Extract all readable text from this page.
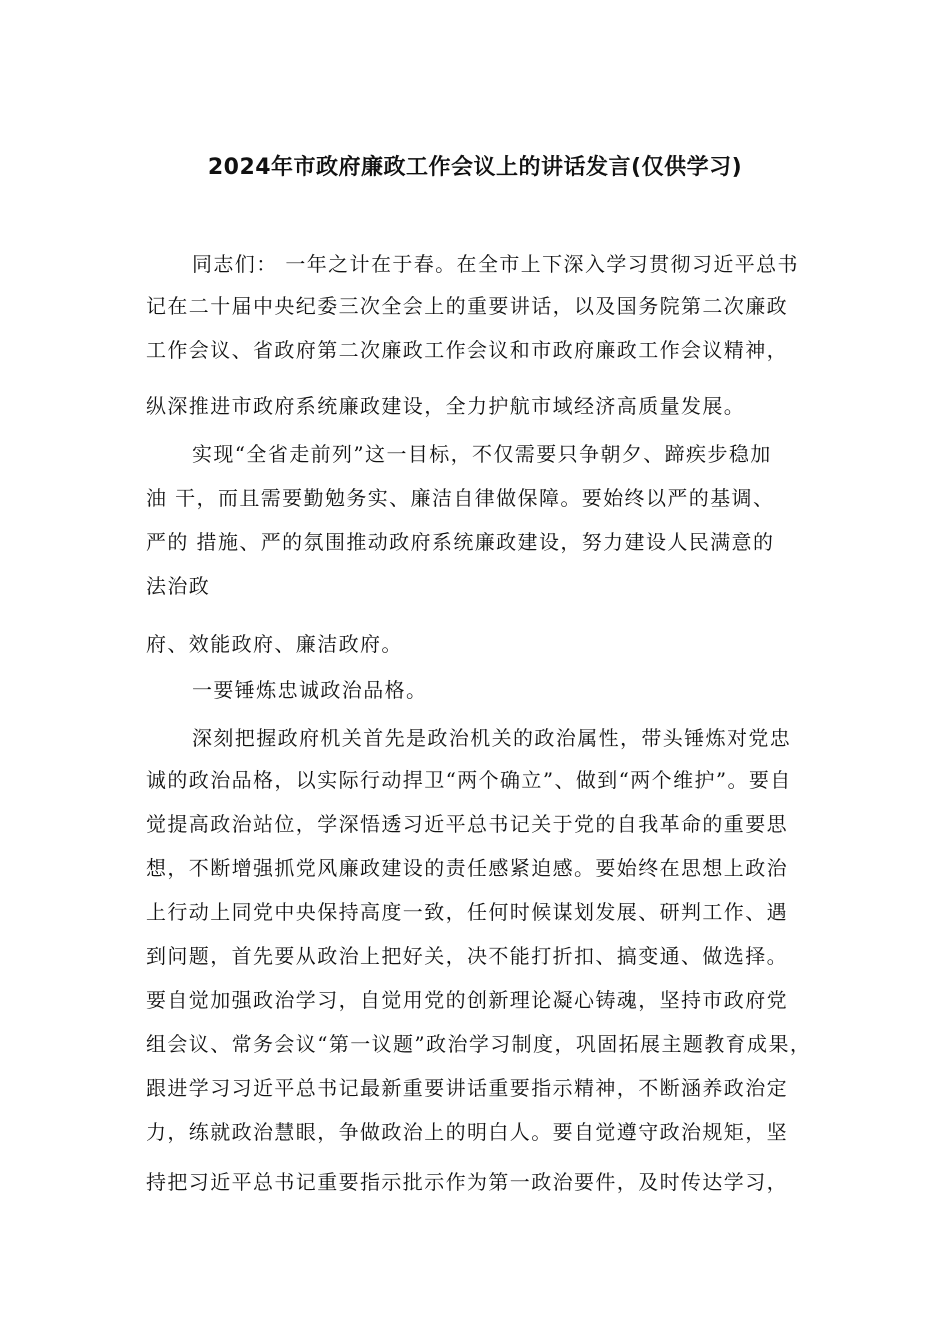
2024年市政府廉政工作会议上的讲话发言(仅供学习)
同志们： 一年之计在于春。在全市上下深入学习贯彻习近平总书
记在二十届中央纪委三次全会上的重要讲话，以及国务院第二次廉政
工作会议、省政府第二次廉政工作会议和市政府廉政工作会议精神，
纵深推进市政府系统廉政建设，全力护航市域经济高质量发展。
实现“全省走前列”这一目标，不仅需要只争朝夕、蹄疾步稳加
油 干，而且需要勤勉务实、廉洁自律做保障。要始终以严的基调、
严的 措施、严的氛围推动政府系统廉政建设，努力建设人民满意的
法治政
府、效能政府、廉洁政府。
一要锤炼忠诚政治品格。
深刻把握政府机关首先是政治机关的政治属性，带头锤炼对党忠
诚的政治品格，以实际行动捍卫“两个确立”、做到“两个维护”。要自
觉提高政治站位，学深悟透习近平总书记关于党的自我革命的重要思
想，不断增强抓党风廉政建设的责任感紧迫感。要始终在思想上政治
上行动上同党中央保持高度一致，任何时候谋划发展、研判工作、遇
到问题，首先要从政治上把好关，决不能打折扣、搞变通、做选择。
要自觉加强政治学习，自觉用党的创新理论凝心铸魂，坚持市政府党
组会议、常务会议“第一议题”政治学习制度，巩固拓展主题教育成果，
跟进学习习近平总书记最新重要讲话重要指示精神，不断涵养政治定
力，练就政治慧眼，争做政治上的明白人。要自觉遵守政治规矩，坚
持把习近平总书记重要指示批示作为第一政治要件，及时传达学习，
